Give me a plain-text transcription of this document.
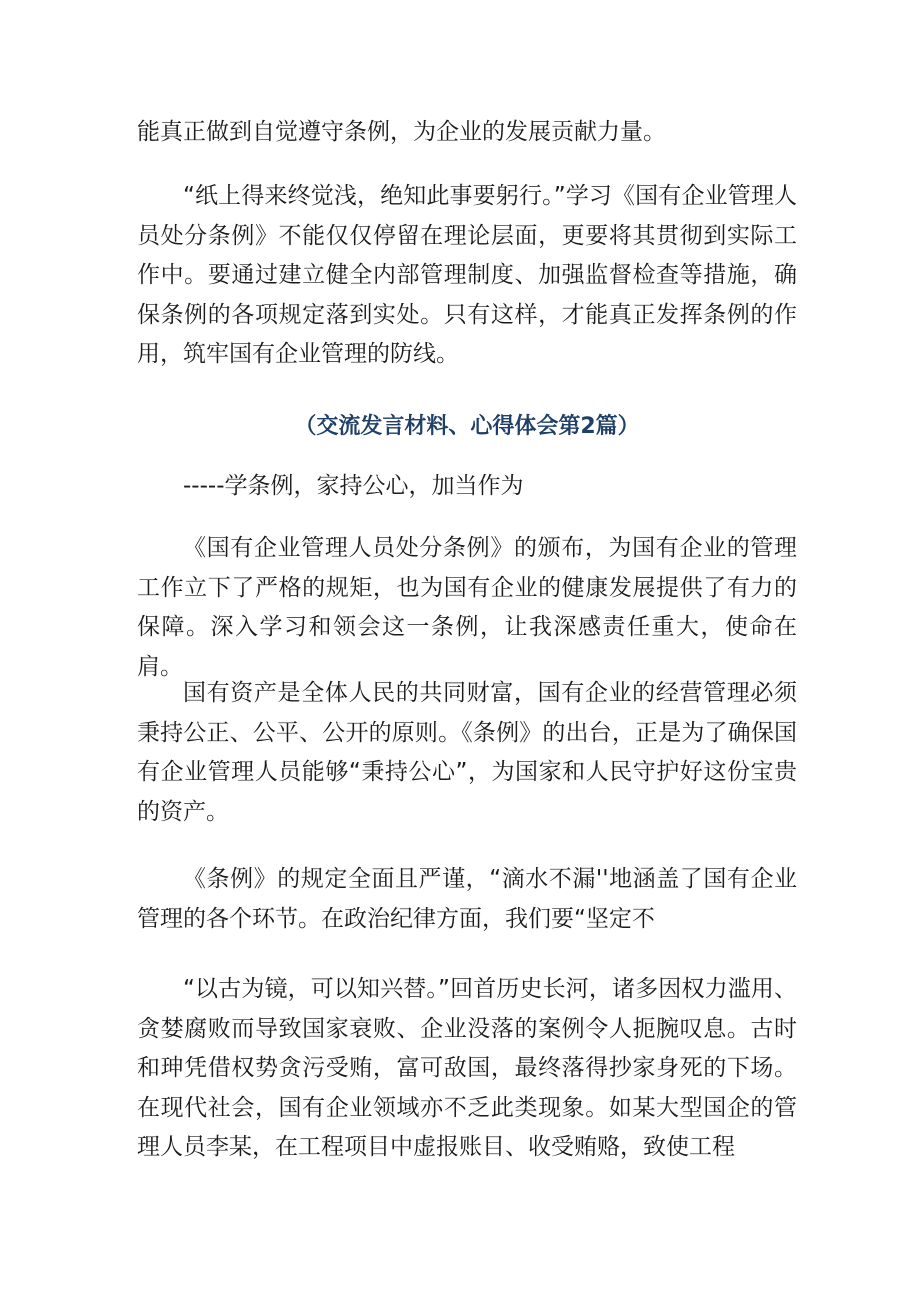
能真正做到自觉遵守条例，为企业的发展贡献力量。

“纸上得来终觉浅，绝知此事要躬行。”学习《国有企业管理人员处分条例》不能仅仅停留在理论层面，更要将其贯彻到实际工作中。要通过建立健全内部管理制度、加强监督检查等措施，确保条例的各项规定落到实处。只有这样，才能真正发挥条例的作用，筑牢国有企业管理的防线。

（交流发言材料、心得体会第2篇）

-----学条例，家持公心，加当作为

《国有企业管理人员处分条例》的颁布，为国有企业的管理工作立下了严格的规矩，也为国有企业的健康发展提供了有力的保障。深入学习和领会这一条例，让我深感责任重大，使命在肩。

国有资产是全体人民的共同财富，国有企业的经营管理必须秉持公正、公平、公开的原则。《条例》的出台，正是为了确保国有企业管理人员能够“秉持公心”，为国家和人民守护好这份宝贵的资产。

《条例》的规定全面且严谨，“滴水不漏''地涵盖了国有企业管理的各个环节。在政治纪律方面，我们要“坚定不

“以古为镜，可以知兴替。”回首历史长河，诸多因权力滥用、贪婪腐败而导致国家衰败、企业没落的案例令人扼腕叹息。古时和珅凭借权势贪污受贿，富可敌国，最终落得抄家身死的下场。在现代社会，国有企业领域亦不乏此类现象。如某大型国企的管理人员李某，在工程项目中虚报账目、收受贿赂，致使工程
